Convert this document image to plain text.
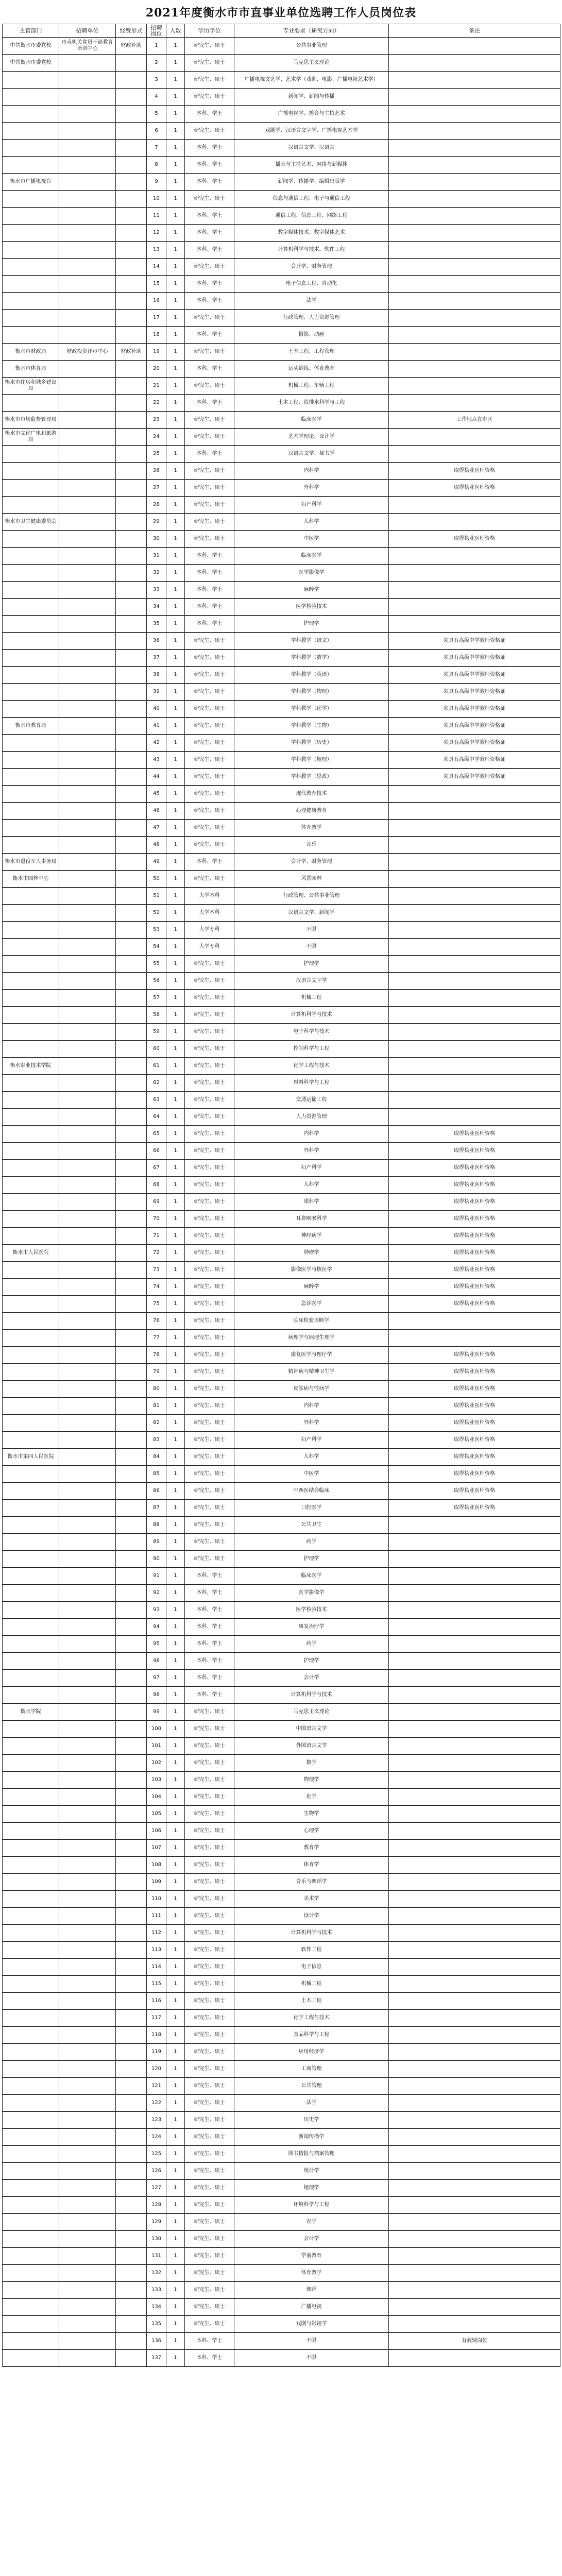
2021年度衡水市市直事业单位选聘工作人员岗位表
主管部门	招聘单位	经费形式	招聘岗位	人数	学历学位	专业要求（研究方向）	备注
中共衡水市委党校	市直机关党员干部教育培训中心	财政补助	1	1	研究生、硕士	公共事业管理	
中共衡水市委党校			2	1	研究生、硕士	马克思主义理论	
			3	1	研究生、硕士	广播电视文艺学，艺术学（戏剧、电影、广播电视艺术学）	
			4	1	研究生、硕士	新闻学、新闻与传播	
			5	1	本科、学士	广播电视学、播音与主持艺术	
			6	1	研究生、硕士	戏剧学、汉语言文字学、广播电视艺术学	
			7	1	本科、学士	汉语言文学、汉语言	
			8	1	本科、学士	播音与主持艺术、网络与新媒体	
衡水市广播电视台			9	1	本科、学士	新闻学、传播学、编辑出版学	
			10	1	研究生、硕士	信息与通信工程、电子与通信工程	
			11	1	本科、学士	通信工程、信息工程、网络工程	
			12	1	本科、学士	数字媒体技术、数字媒体艺术	
			13	1	本科、学士	计算机科学与技术、软件工程	
			14	1	研究生、硕士	会计学、财务管理	
			15	1	本科、学士	电子信息工程、自动化	
			16	1	本科、学士	法学	
			17	1	研究生、硕士	行政管理、人力资源管理	
			18	1	本科、学士	摄影、动画	
衡水市财政局	财政投资评审中心	财政补助	19	1	研究生、硕士	土木工程、工程管理	
衡水市体育局			20	1	本科、学士	运动训练、体育教育	
衡水市住房和城乡建设局			21	1	研究生、硕士	机械工程、车辆工程	
			22	1	本科、学士	土木工程、给排水科学与工程	
衡水市市场监督管理局			23	1	研究生、硕士	临床医学	工作地点在市区
衡水市文化广电和旅游局			24	1	研究生、硕士	艺术学理论、设计学	
			25	1	本科、学士	汉语言文学、秘书学	
			26	1	研究生、硕士	内科学	取得执业医师资格
			27	1	研究生、硕士	外科学	取得执业医师资格
			28	1	研究生、硕士	妇产科学	
衡水市卫生健康委员会			29	1	研究生、硕士	儿科学	
			30	1	研究生、硕士	中医学	取得执业医师资格
			31	1	本科、学士	临床医学	
			32	1	本科、学士	医学影像学	
			33	1	本科、学士	麻醉学	
			34	1	本科、学士	医学检验技术	
			35	1	本科、学士	护理学	
			36	1	研究生、硕士	学科教学（语文）	须具有高级中学教师资格证
			37	1	研究生、硕士	学科教学（数学）	须具有高级中学教师资格证
			38	1	研究生、硕士	学科教学（英语）	须具有高级中学教师资格证
			39	1	研究生、硕士	学科教学（物理）	须具有高级中学教师资格证
			40	1	研究生、硕士	学科教学（化学）	须具有高级中学教师资格证
衡水市教育局			41	1	研究生、硕士	学科教学（生物）	须具有高级中学教师资格证
			42	1	研究生、硕士	学科教学（历史）	须具有高级中学教师资格证
			43	1	研究生、硕士	学科教学（地理）	须具有高级中学教师资格证
			44	1	研究生、硕士	学科教学（思政）	须具有高级中学教师资格证
			45	1	研究生、硕士	现代教育技术	
			46	1	研究生、硕士	心理健康教育	
			47	1	研究生、硕士	体育教学	
			48	1	研究生、硕士	音乐	
衡水市退役军人事务局			49	1	本科、学士	会计学、财务管理	
衡水市园林中心			50	1	研究生、硕士	风景园林	
			51	1	大学本科	行政管理、公共事业管理	
			52	1	大学本科	汉语言文学、新闻学	
			53	1	大学专科	不限	
			54	1	大学专科	不限	
			55	1	研究生、硕士	护理学	
			56	1	研究生、硕士	汉语言文字学	
			57	1	研究生、硕士	机械工程	
			58	1	研究生、硕士	计算机科学与技术	
			59	1	研究生、硕士	电子科学与技术	
			60	1	研究生、硕士	控制科学与工程	
衡水职业技术学院			61	1	研究生、硕士	化学工程与技术	
			62	1	研究生、硕士	材料科学与工程	
			63	1	研究生、硕士	交通运输工程	
			64	1	研究生、硕士	人力资源管理	
			65	1	研究生、硕士	内科学	取得执业医师资格
			66	1	研究生、硕士	外科学	取得执业医师资格
			67	1	研究生、硕士	妇产科学	取得执业医师资格
			68	1	研究生、硕士	儿科学	取得执业医师资格
			69	1	研究生、硕士	眼科学	取得执业医师资格
			70	1	研究生、硕士	耳鼻咽喉科学	取得执业医师资格
			71	1	研究生、硕士	神经病学	取得执业医师资格
衡水市人民医院			72	1	研究生、硕士	肿瘤学	取得执业医师资格
			73	1	研究生、硕士	影像医学与核医学	取得执业医师资格
			74	1	研究生、硕士	麻醉学	取得执业医师资格
			75	1	研究生、硕士	急诊医学	取得执业医师资格
			76	1	研究生、硕士	临床检验诊断学	
			77	1	研究生、硕士	病理学与病理生理学	
			78	1	研究生、硕士	康复医学与理疗学	取得执业医师资格
			79	1	研究生、硕士	精神病与精神卫生学	取得执业医师资格
			80	1	研究生、硕士	皮肤病与性病学	取得执业医师资格
			81	1	研究生、硕士	内科学	取得执业医师资格
			82	1	研究生、硕士	外科学	取得执业医师资格
			83	1	研究生、硕士	妇产科学	取得执业医师资格
衡水市第四人民医院			84	1	研究生、硕士	儿科学	取得执业医师资格
			85	1	研究生、硕士	中医学	取得执业医师资格
			86	1	研究生、硕士	中西医结合临床	取得执业医师资格
			87	1	研究生、硕士	口腔医学	取得执业医师资格
			88	1	研究生、硕士	公共卫生	
			89	1	研究生、硕士	药学	
			90	1	研究生、硕士	护理学	
			91	1	本科、学士	临床医学	
			92	1	本科、学士	医学影像学	
			93	1	本科、学士	医学检验技术	
			94	1	本科、学士	康复治疗学	
			95	1	本科、学士	药学	
			96	1	本科、学士	护理学	
			97	1	本科、学士	会计学	
			98	1	本科、学士	计算机科学与技术	
衡水学院			99	1	研究生、硕士	马克思主义理论	
			100	1	研究生、硕士	中国语言文学	
			101	1	研究生、硕士	外国语言文学	
			102	1	研究生、硕士	数学	
			103	1	研究生、硕士	物理学	
			104	1	研究生、硕士	化学	
			105	1	研究生、硕士	生物学	
			106	1	研究生、硕士	心理学	
			107	1	研究生、硕士	教育学	
			108	1	研究生、硕士	体育学	
			109	1	研究生、硕士	音乐与舞蹈学	
			110	1	研究生、硕士	美术学	
			111	1	研究生、硕士	设计学	
			112	1	研究生、硕士	计算机科学与技术	
			113	1	研究生、硕士	软件工程	
			114	1	研究生、硕士	电子信息	
			115	1	研究生、硕士	机械工程	
			116	1	研究生、硕士	土木工程	
			117	1	研究生、硕士	化学工程与技术	
			118	1	研究生、硕士	食品科学与工程	
			119	1	研究生、硕士	应用经济学	
			120	1	研究生、硕士	工商管理	
			121	1	研究生、硕士	公共管理	
			122	1	研究生、硕士	法学	
			123	1	研究生、硕士	历史学	
			124	1	研究生、硕士	新闻传播学	
			125	1	研究生、硕士	图书情报与档案管理	
			126	1	研究生、硕士	统计学	
			127	1	研究生、硕士	地理学	
			128	1	研究生、硕士	环境科学与工程	
			129	1	研究生、硕士	农学	
			130	1	研究生、硕士	会计学	
			131	1	研究生、硕士	学前教育	
			132	1	研究生、硕士	体育教学	
			133	1	研究生、硕士	舞蹈	
			134	1	研究生、硕士	广播电视	
			135	1	研究生、硕士	戏剧与影视学	
			136	1	本科、学士	不限	有教辅岗位
			137	1	本科、学士	不限	
